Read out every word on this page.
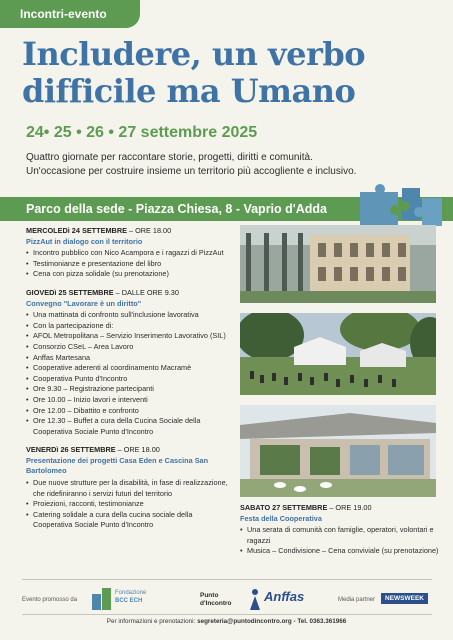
Incontri-evento
Includere, un verbo
difficile ma Umano

24• 25 • 26 • 27 settembre 2025

Quattro giornate per raccontare storie, progetti, diritti e comunità.

Un'occasione per costruire insieme un territorio più accogliente e inclusivo.

Parco della sede - Piazza Chiesa, 8 - Vaprio d'Adda

MERCOLEDì 24 SETTEMBRE – ORE 18.00

PizzAut in dialogo con il territorio

• Incontro pubblico con Nico Acampora e i ragazzi di PizzAut
• Testimonianze e presentazione del libro
• Cena con pizza solidale (su prenotazione)

GIOVEDì 25 SETTEMBRE – DALLE ORE 9.30

Convegno "Lavorare è un diritto"

• Una mattinata di confronto sull'inclusione lavorativa
• Con la partecipazione di:
• AFOL Metropolitana – Servizio Inserimento Lavorativo (SIL)
• Consorzio CSeL – Area Lavoro
• Anffas Martesana
• Cooperative aderenti al coordinamento Macramè
• Cooperativa Punto d'Incontro
• Ore 9.30 – Registrazione partecipanti
• Ore 10.00 – Inizio lavori e interventi
• Ore 12.00 – Dibattito e confronto
• Ore 12.30 – Buffet a cura della Cucina Sociale della Cooperativa Sociale Punto d'Incontro

VENERDì 26 SETTEMBRE – ORE 18.00

Presentazione dei progetti Casa Eden e Cascina San Bartolomeo

• Due nuove strutture per la disabilità, in fase di realizzazione, che ridefiniranno i servizi futuri del territorio
• Proiezioni, racconti, testimonianze
• Catering solidale a cura della cucina sociale della Cooperativa Sociale Punto d'Incontro

SABATO 27 SETTEMBRE – ORE 19.00

Festa della Cooperativa

• Una serata di comunità con famiglie, operatori, volontari e ragazzi
• Musica – Condivisione – Cena conviviale (su prenotazione)
Evento promosso da
Fondazione
BCC ECH
Punto
d'Incontro Anffas	Media partner	NEWSWEEK
Per informazioni e prenotazioni: segreteria@puntodincontro.org - Tel. 0363.361966
